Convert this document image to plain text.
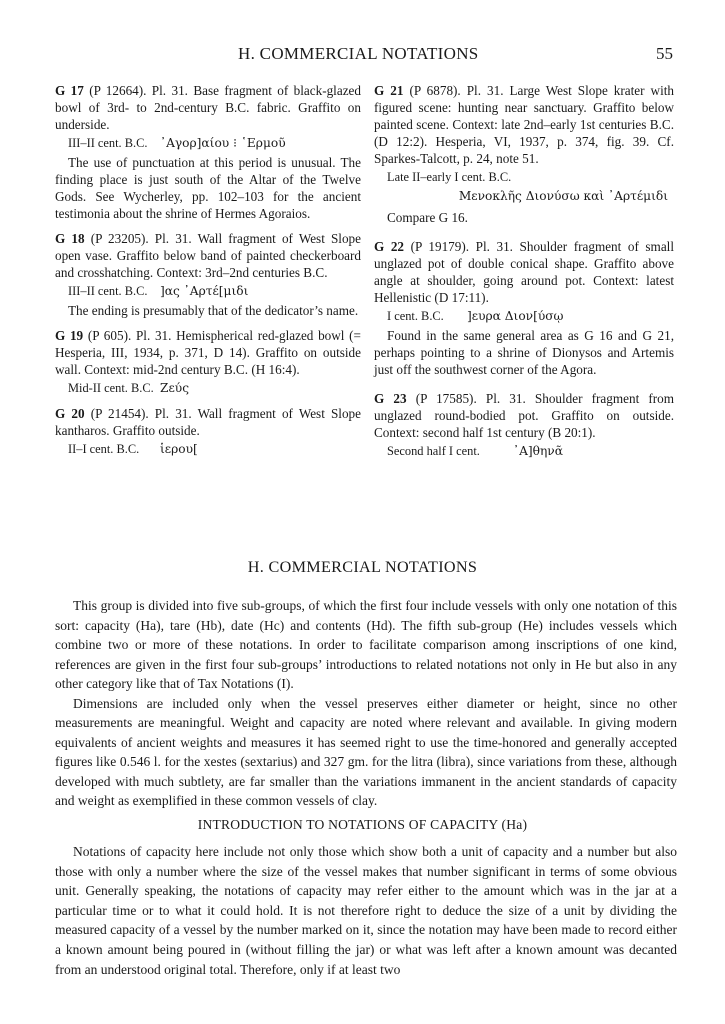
H. COMMERCIAL NOTATIONS	55

G 17 (P 12664). Pl. 31. Base fragment of black-glazed bowl of 3rd- to 2nd-century B.C. fabric. Graffito on underside.

III–II cent. B.C.	᾿Αγορ]αίου ⁝ ῾Ερμοῦ

The use of punctuation at this period is unusual. The finding place is just south of the Altar of the Twelve Gods. See Wycherley, pp. 102–103 for the ancient testimonia about the shrine of Hermes Agoraios.

G 18 (P 23205). Pl. 31. Wall fragment of West Slope open vase. Graffito below band of painted checkerboard and crosshatching. Context: 3rd–2nd centuries B.C.

III–II cent. B.C.	]ας ᾿Αρτέ[μιδι

The ending is presumably that of the dedicator’s name.

G 19 (P 605). Pl. 31. Hemispherical red-glazed bowl (= Hesperia, III, 1934, p. 371, D 14). Graffito on outside wall. Context: mid-2nd century B.C. (H 16:4).

Mid-II cent. B.C. Ζεύς

G 20 (P 21454). Pl. 31. Wall fragment of West Slope kantharos. Graffito outside.

II–I cent. B.C.	ἱερου[

G 21 (P 6878). Pl. 31. Large West Slope krater with figured scene: hunting near sanctuary. Graffito below painted scene. Context: late 2nd–early 1st centuries B.C. (D 12:2). Hesperia, VI, 1937, p. 374, fig. 39. Cf. Sparkes-Talcott, p. 24, note 51.

Late II–early I cent. B.C.
Μενοκλῆς Διονύσω καὶ ᾿Αρτέμιδι

Compare G 16.

G 22 (P 19179). Pl. 31. Shoulder fragment of small unglazed pot of double conical shape. Graffito above angle at shoulder, going around pot. Context: latest Hellenistic (D 17:11).

I cent. B.C.	]ευρα Διον[ύσῳ

Found in the same general area as G 16 and G 21, perhaps pointing to a shrine of Dionysos and Artemis just off the southwest corner of the Agora.

G 23 (P 17585). Pl. 31. Shoulder fragment from unglazed round-bodied pot. Graffito on outside. Context: second half 1st century (B 20:1).

Second half I cent.	᾿Α]θηνᾶ
H. COMMERCIAL NOTATIONS

This group is divided into five sub-groups, of which the first four include vessels with only one notation of this sort: capacity (Ha), tare (Hb), date (Hc) and contents (Hd). The fifth sub-group (He) includes vessels which combine two or more of these notations. In order to facilitate comparison among inscriptions of one kind, references are given in the first four sub-groups’ introductions to related notations not only in He but also in any other category like that of Tax Notations (I).

Dimensions are included only when the vessel preserves either diameter or height, since no other measurements are meaningful. Weight and capacity are noted where relevant and available. In giving modern equivalents of ancient weights and measures it has seemed right to use the time-honored and generally accepted figures like 0.546 l. for the xestes (sextarius) and 327 gm. for the litra (libra), since variations from these, although developed with much subtlety, are far smaller than the variations immanent in the ancient standards of capacity and weight as exemplified in these common vessels of clay.

INTRODUCTION TO NOTATIONS OF CAPACITY (Ha)

Notations of capacity here include not only those which show both a unit of capacity and a number but also those with only a number where the size of the vessel makes that number significant in terms of some obvious unit. Generally speaking, the notations of capacity may refer either to the amount which was in the jar at a particular time or to what it could hold. It is not therefore right to deduce the size of a unit by dividing the measured capacity of a vessel by the number marked on it, since the notation may have been made to record either a known amount being poured in (without filling the jar) or what was left after a known amount was decanted from an understood original total. Therefore, only if at least two
